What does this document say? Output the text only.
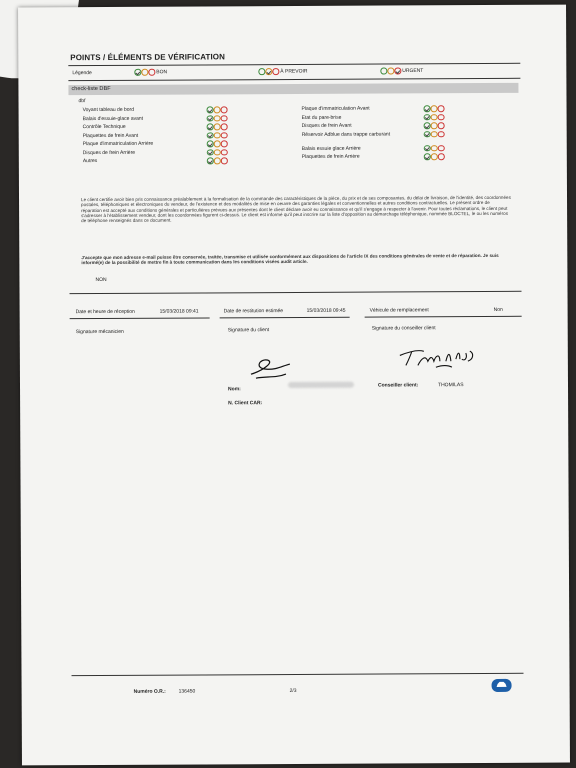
POINTS / ÉLÉMENTS DE VÉRIFICATION
Légende	BON	À PREVOIR	URGENT
check-liste DBF
dbf
Voyant tableau de bord
Balais d'essuie-glace avant
Contrôle Technique
Plaquettes de frein Avant
Plaque d'immatriculation Arrière
Disques de frein Arrière
Autres
Plaque d'immatriculation Avant
Etat du pare-brise
Disques de frein Avant
Réservoir Adblue dans trappe carburant
Balais essuie glace Arrière
Plaquettes de frein Arrière
Le client certifie avoir bien pris connaissance préalablement à la formalisation de la commande des caractéristiques de la pièce, du prix et de ses composantes, du délai de livraison, de l'identité, des coordonnées postales, téléphoniques et électroniques du vendeur, de l'existence et des modalités de mise en oeuvre des garanties légales et conventionnelles et autres conditions contractuelles. Le présent ordre de réparation est accepté aux conditions générales et particulières prévues aux présentes dont le client déclare avoir eu connaissance et qu'il s'engage à respecter à l'avenir. Pour toutes réclamations, le client peut s'adresser à l'établissement vendeur, dont les coordonnées figurent ci-dessus. Le client est informé qu'il peut inscrire sur la liste d'opposition au démarchage téléphonique, nommée BLOCTEL, le ou les numéros de téléphone renseignés dans ce document.
J'accepte que mon adresse e-mail puisse être conservée, traitée, transmise et utilisée conformément aux dispositions de l'article IX des conditions générales de vente et de réparation. Je suis informé(e) de la possibilité de mettre fin à toute communication dans les conditions visées audit article.
NON
Date et heure de réception	15/03/2018 09:41	Date de restitution estimée	15/03/2018 09:45	Véhicule de remplacement	Non
Signature mécanicien	Signature du client	Signature du conseiller client
Nom:
Conseiller client:	THOMILAS
N. Client CAR:
Numéro O.R.:	136450	2/3
